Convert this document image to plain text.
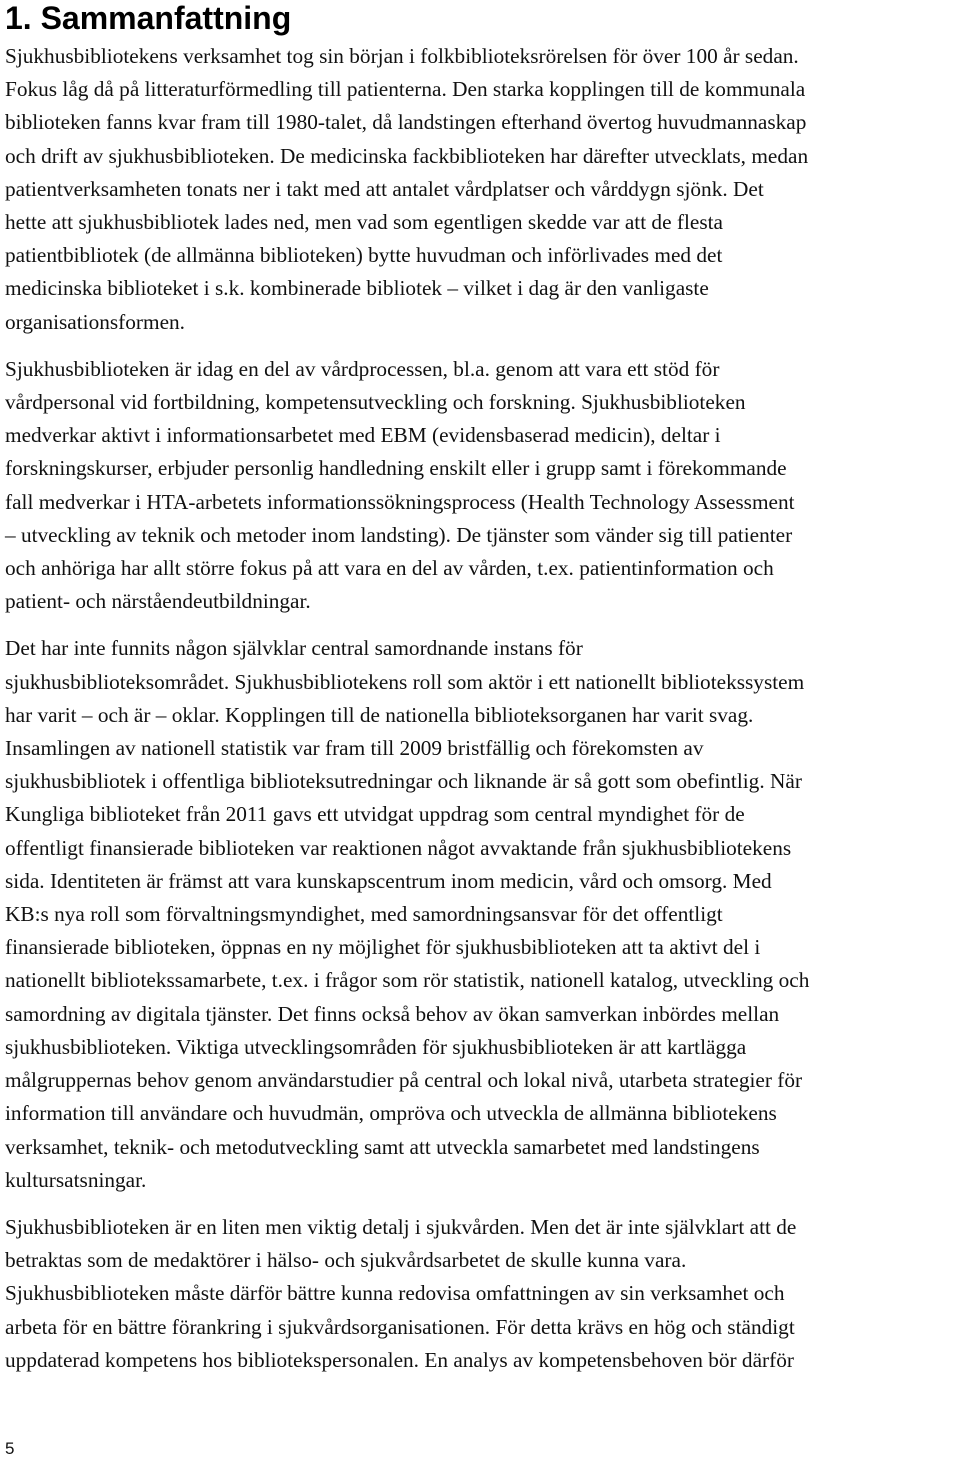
1. Sammanfattning

Sjukhusbibliotekens verksamhet tog sin början i folkbiblioteksrörelsen för över 100 år sedan.
Fokus låg då på litteraturförmedling till patienterna. Den starka kopplingen till de kommunala
biblioteken fanns kvar fram till 1980-talet, då landstingen efterhand övertog huvudmannaskap
och drift av sjukhusbiblioteken. De medicinska fackbiblioteken har därefter utvecklats, medan
patientverksamheten tonats ner i takt med att antalet vårdplatser och vårddygn sjönk. Det
hette att sjukhusbibliotek lades ned, men vad som egentligen skedde var att de flesta
patientbibliotek (de allmänna biblioteken) bytte huvudman och införlivades med det
medicinska biblioteket i s.k. kombinerade bibliotek – vilket i dag är den vanligaste
organisationsformen.

Sjukhusbiblioteken är idag en del av vårdprocessen, bl.a. genom att vara ett stöd för
vårdpersonal vid fortbildning, kompetensutveckling och forskning. Sjukhusbiblioteken
medverkar aktivt i informationsarbetet med EBM (evidensbaserad medicin), deltar i
forskningskurser, erbjuder personlig handledning enskilt eller i grupp samt i förekommande
fall medverkar i HTA-arbetets informationssökningsprocess (Health Technology Assessment
– utveckling av teknik och metoder inom landsting). De tjänster som vänder sig till patienter
och anhöriga har allt större fokus på att vara en del av vården, t.ex. patientinformation och
patient- och närståendeutbildningar.

Det har inte funnits någon självklar central samordnande instans för
sjukhusbiblioteksområdet. Sjukhusbibliotekens roll som aktör i ett nationellt bibliotekssystem
har varit – och är – oklar. Kopplingen till de nationella biblioteksorganen har varit svag.
Insamlingen av nationell statistik var fram till 2009 bristfällig och förekomsten av
sjukhusbibliotek i offentliga biblioteksutredningar och liknande är så gott som obefintlig. När
Kungliga biblioteket från 2011 gavs ett utvidgat uppdrag som central myndighet för de
offentligt finansierade biblioteken var reaktionen något avvaktande från sjukhusbibliotekens
sida. Identiteten är främst att vara kunskapscentrum inom medicin, vård och omsorg. Med
KB:s nya roll som förvaltningsmyndighet, med samordningsansvar för det offentligt
finansierade biblioteken, öppnas en ny möjlighet för sjukhusbiblioteken att ta aktivt del i
nationellt bibliotekssamarbete, t.ex. i frågor som rör statistik, nationell katalog, utveckling och
samordning av digitala tjänster. Det finns också behov av ökan samverkan inbördes mellan
sjukhusbiblioteken. Viktiga utvecklingsområden för sjukhusbiblioteken är att kartlägga
målgruppernas behov genom användarstudier på central och lokal nivå, utarbeta strategier för
information till användare och huvudmän, ompröva och utveckla de allmänna bibliotekens
verksamhet, teknik- och metodutveckling samt att utveckla samarbetet med landstingens
kultursatsningar.

Sjukhusbiblioteken är en liten men viktig detalj i sjukvården. Men det är inte självklart att de
betraktas som de medaktörer i hälso- och sjukvårdsarbetet de skulle kunna vara.
Sjukhusbiblioteken måste därför bättre kunna redovisa omfattningen av sin verksamhet och
arbeta för en bättre förankring i sjukvårdsorganisationen. För detta krävs en hög och ständigt
uppdaterad kompetens hos bibliotekspersonalen. En analys av kompetensbehoven bör därför

5
